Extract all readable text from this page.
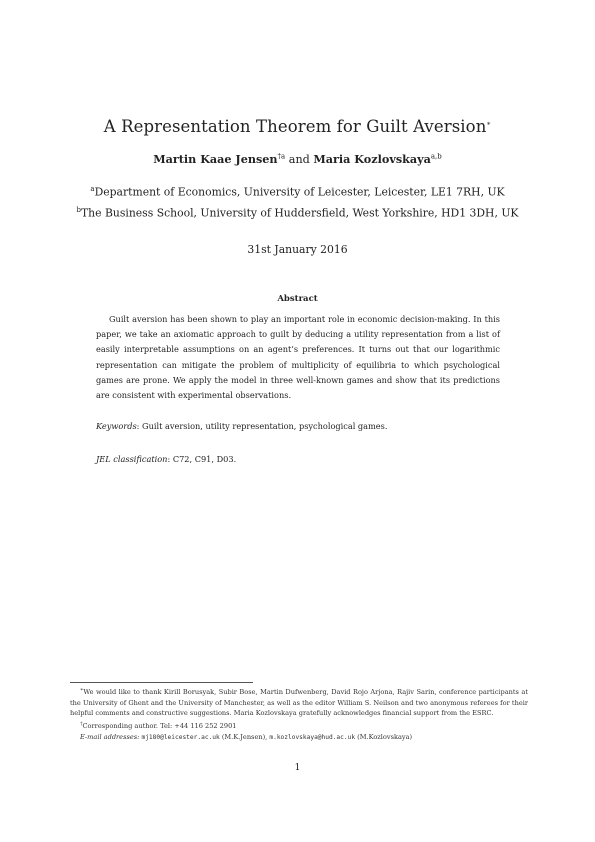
A Representation Theorem for Guilt Aversion∗
Martin Kaae Jensen$^{\dagger a}$ and Maria Kozlovskaya$^{a,b}$
$^a$Department of Economics, University of Leicester, Leicester, LE1 7RH, UK
$^b$The Business School, University of Huddersfield, West Yorkshire, HD1 3DH, UK
31st January 2016
Abstract
Guilt aversion has been shown to play an important role in economic decision-making. In this paper, we take an axiomatic approach to guilt by deducing a utility representation from a list of easily interpretable assumptions on an agent’s preferences. It turns out that our logarithmic representation can mitigate the problem of multiplicity of equilibria to which psychological games are prone. We apply the model in three well-known games and show that its predictions are consistent with experimental observations.
Keywords: Guilt aversion, utility representation, psychological games.
JEL classification: C72, C91, D03.
∗We would like to thank Kirill Borusyak, Subir Bose, Martin Dufwenberg, David Rojo Arjona, Rajiv Sarin, conference participants at the University of Ghent and the University of Manchester, as well as the editor William S. Neilson and two anonymous referees for their helpful comments and constructive suggestions. Maria Kozlovskaya gratefully acknowledges financial support from the ESRC.
†Corresponding author. Tel: +44 116 252 2901
E-mail addresses: mj180@leicester.ac.uk (M.K.Jensen), m.kozlovskaya@hud.ac.uk (M.Kozlovskaya)
1
